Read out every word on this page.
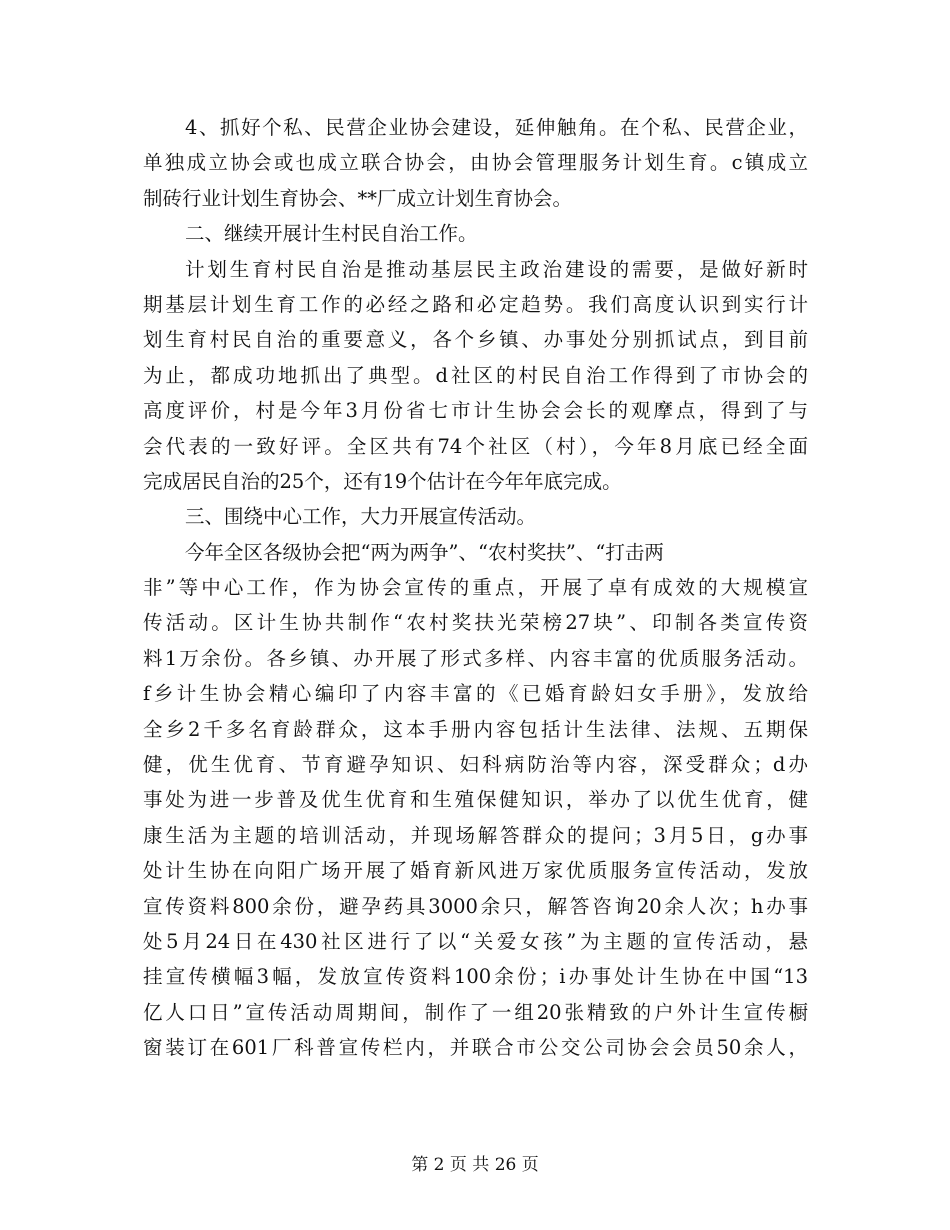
4、抓好个私、民营企业协会建设，延伸触角。在个私、民营企业，
单独成立协会或也成立联合协会，由协会管理服务计划生育。c镇成立
制砖行业计划生育协会、**厂成立计划生育协会。
二、继续开展计生村民自治工作。
计划生育村民自治是推动基层民主政治建设的需要，是做好新时
期基层计划生育工作的必经之路和必定趋势。我们高度认识到实行计
划生育村民自治的重要意义，各个乡镇、办事处分别抓试点，到目前
为止，都成功地抓出了典型。d社区的村民自治工作得到了市协会的
高度评价，村是今年3月份省七市计生协会会长的观摩点，得到了与
会代表的一致好评。全区共有74个社区（村），今年8月底已经全面
完成居民自治的25个，还有19个估计在今年年底完成。
三、围绕中心工作，大力开展宣传活动。
今年全区各级协会把“两为两争”、“农村奖扶”、“打击两
非”等中心工作，作为协会宣传的重点，开展了卓有成效的大规模宣
传活动。区计生协共制作“农村奖扶光荣榜27块”、印制各类宣传资
料1万余份。各乡镇、办开展了形式多样、内容丰富的优质服务活动。
f乡计生协会精心编印了内容丰富的《已婚育龄妇女手册》，发放给
全乡2千多名育龄群众，这本手册内容包括计生法律、法规、五期保
健，优生优育、节育避孕知识、妇科病防治等内容，深受群众；d办
事处为进一步普及优生优育和生殖保健知识，举办了以优生优育，健
康生活为主题的培训活动，并现场解答群众的提问；3月5日，g办事
处计生协在向阳广场开展了婚育新风进万家优质服务宣传活动，发放
宣传资料800余份，避孕药具3000余只，解答咨询20余人次；h办事
处5月24日在430社区进行了以“关爱女孩”为主题的宣传活动，悬
挂宣传横幅3幅，发放宣传资料100余份；i办事处计生协在中国“13
亿人口日”宣传活动周期间，制作了一组20张精致的户外计生宣传橱
窗装订在601厂科普宣传栏内，并联合市公交公司协会会员50余人，
第 2 页 共 26 页
